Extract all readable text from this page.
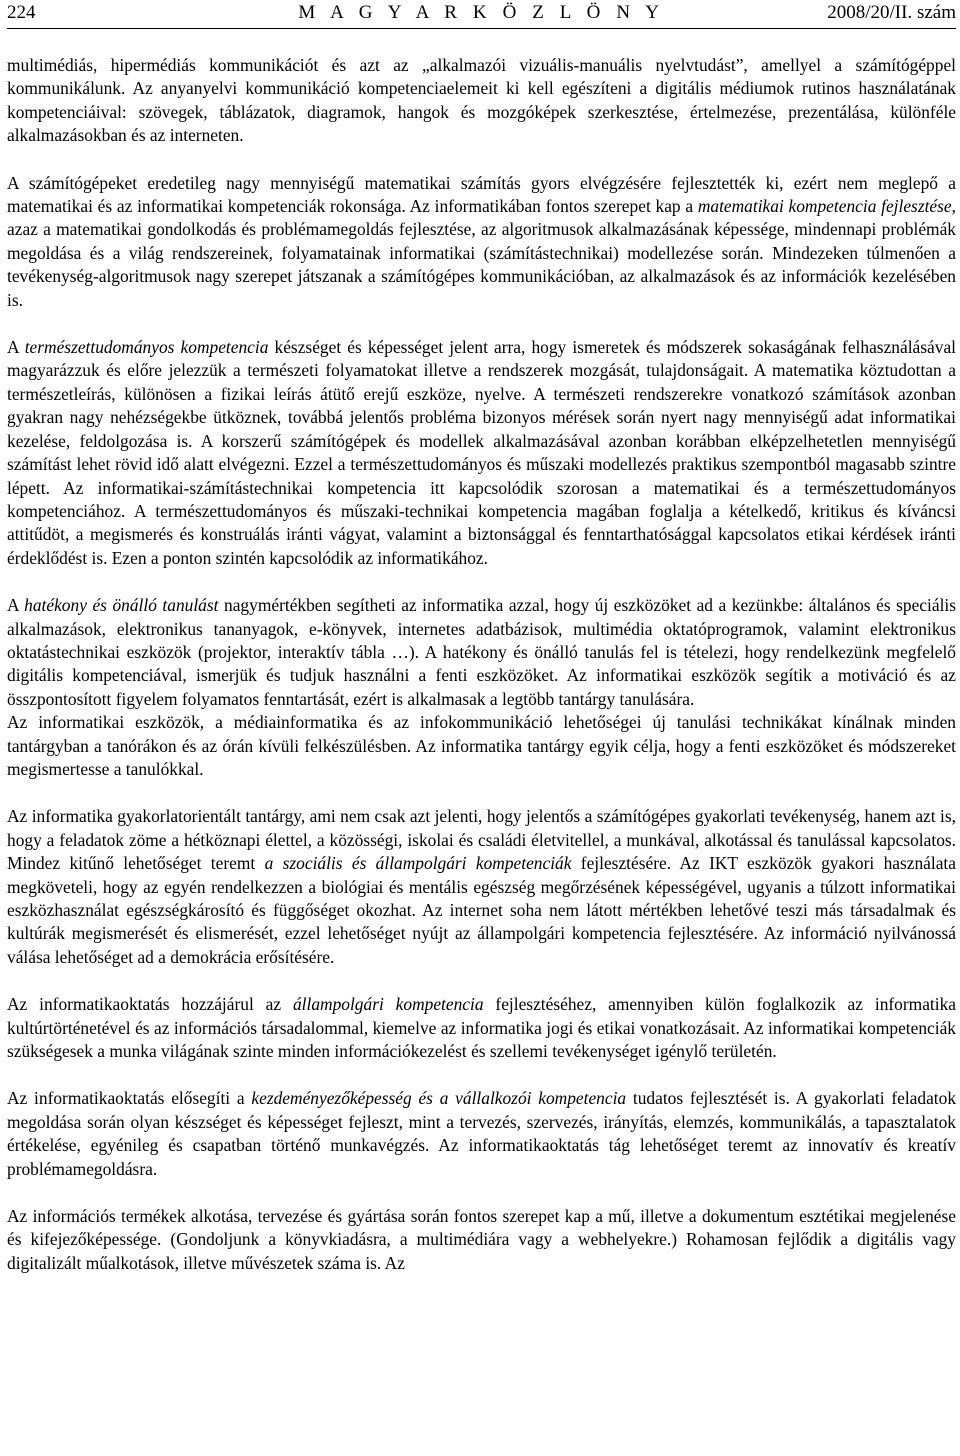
224	M A G Y A R K Ö Z L Ö N Y	2008/20/II. szám

multimédiás, hipermédiás kommunikációt és azt az „alkalmazói vizuális-manuális nyelvtudást”, amellyel a számítógéppel kommunikálunk. Az anyanyelvi kommunikáció kompetenciaelemeit ki kell egészíteni a digitális médiumok rutinos használatának kompetenciáival: szövegek, táblázatok, diagramok, hangok és mozgóképek szerkesztése, értelmezése, prezentálása, különféle alkalmazásokban és az interneten.

A számítógépeket eredetileg nagy mennyiségű matematikai számítás gyors elvégzésére fejlesztették ki, ezért nem meglepő a matematikai és az informatikai kompetenciák rokonsága. Az informatikában fontos szerepet kap a matematikai kompetencia fejlesztése, azaz a matematikai gondolkodás és problémamegoldás fejlesztése, az algoritmusok alkalmazásának képessége, mindennapi problémák megoldása és a világ rendszereinek, folyamatainak informatikai (számítástechnikai) modellezése során. Mindezeken túlmenően a tevékenység-algoritmusok nagy szerepet játszanak a számítógépes kommunikációban, az alkalmazások és az információk kezelésében is.

A természettudományos kompetencia készséget és képességet jelent arra, hogy ismeretek és módszerek sokaságának felhasználásával magyarázzuk és előre jelezzük a természeti folyamatokat illetve a rendszerek mozgását, tulajdonságait. A matematika köztudottan a természetleírás, különösen a fizikai leírás átütő erejű eszköze, nyelve. A természeti rendszerekre vonatkozó számítások azonban gyakran nagy nehézségekbe ütköznek, továbbá jelentős probléma bizonyos mérések során nyert nagy mennyiségű adat informatikai kezelése, feldolgozása is. A korszerű számítógépek és modellek alkalmazásával azonban korábban elképzelhetetlen mennyiségű számítást lehet rövid idő alatt elvégezni. Ezzel a természettudományos és műszaki modellezés praktikus szempontból magasabb szintre lépett. Az informatikai-számítástechnikai kompetencia itt kapcsolódik szorosan a matematikai és a természettudományos kompetenciához. A természettudományos és műszaki-technikai kompetencia magában foglalja a kételkedő, kritikus és kíváncsi attitűdöt, a megismerés és konstruálás iránti vágyat, valamint a biztonsággal és fenntarthatósággal kapcsolatos etikai kérdések iránti érdeklődést is. Ezen a ponton szintén kapcsolódik az informatikához.

A hatékony és önálló tanulást nagymértékben segítheti az informatika azzal, hogy új eszközöket ad a kezünkbe: általános és speciális alkalmazások, elektronikus tananyagok, e-könyvek, internetes adatbázisok, multimédia oktatóprogramok, valamint elektronikus oktatástechnikai eszközök (projektor, interaktív tábla …). A hatékony és önálló tanulás fel is tételezi, hogy rendelkezünk megfelelő digitális kompetenciával, ismerjük és tudjuk használni a fenti eszközöket. Az informatikai eszközök segítik a motiváció és az összpontosított figyelem folyamatos fenntartását, ezért is alkalmasak a legtöbb tantárgy tanulására.

Az informatikai eszközök, a médiainformatika és az infokommunikáció lehetőségei új tanulási technikákat kínálnak minden tantárgyban a tanórákon és az órán kívüli felkészülésben. Az informatika tantárgy egyik célja, hogy a fenti eszközöket és módszereket megismertesse a tanulókkal.

Az informatika gyakorlatorientált tantárgy, ami nem csak azt jelenti, hogy jelentős a számítógépes gyakorlati tevékenység, hanem azt is, hogy a feladatok zöme a hétköznapi élettel, a közösségi, iskolai és családi életvitellel, a munkával, alkotással és tanulással kapcsolatos. Mindez kitűnő lehetőséget teremt a szociális és állampolgári kompetenciák fejlesztésére. Az IKT eszközök gyakori használata megköveteli, hogy az egyén rendelkezzen a biológiai és mentális egészség megőrzésének képességével, ugyanis a túlzott informatikai eszközhasználat egészségkárosító és függőséget okozhat. Az internet soha nem látott mértékben lehetővé teszi más társadalmak és kultúrák megismerését és elismerését, ezzel lehetőséget nyújt az állampolgári kompetencia fejlesztésére. Az információ nyilvánossá válása lehetőséget ad a demokrácia erősítésére.

Az informatikaoktatás hozzájárul az állampolgári kompetencia fejlesztéséhez, amennyiben külön foglalkozik az informatika kultúrtörténetével és az információs társadalommal, kiemelve az informatika jogi és etikai vonatkozásait. Az informatikai kompetenciák szükségesek a munka világának szinte minden információkezelést és szellemi tevékenységet igénylő területén.

Az informatikaoktatás elősegíti a kezdeményezőképesség és a vállalkozói kompetencia tudatos fejlesztését is. A gyakorlati feladatok megoldása során olyan készséget és képességet fejleszt, mint a tervezés, szervezés, irányítás, elemzés, kommunikálás, a tapasztalatok értékelése, egyénileg és csapatban történő munkavégzés. Az informatikaoktatás tág lehetőséget teremt az innovatív és kreatív problémamegoldásra.

Az információs termékek alkotása, tervezése és gyártása során fontos szerepet kap a mű, illetve a dokumentum esztétikai megjelenése és kifejezőképessége. (Gondoljunk a könyvkiadásra, a multimédiára vagy a webhelyekre.) Rohamosan fejlődik a digitális vagy digitalizált műalkotások, illetve művészetek száma is. Az
